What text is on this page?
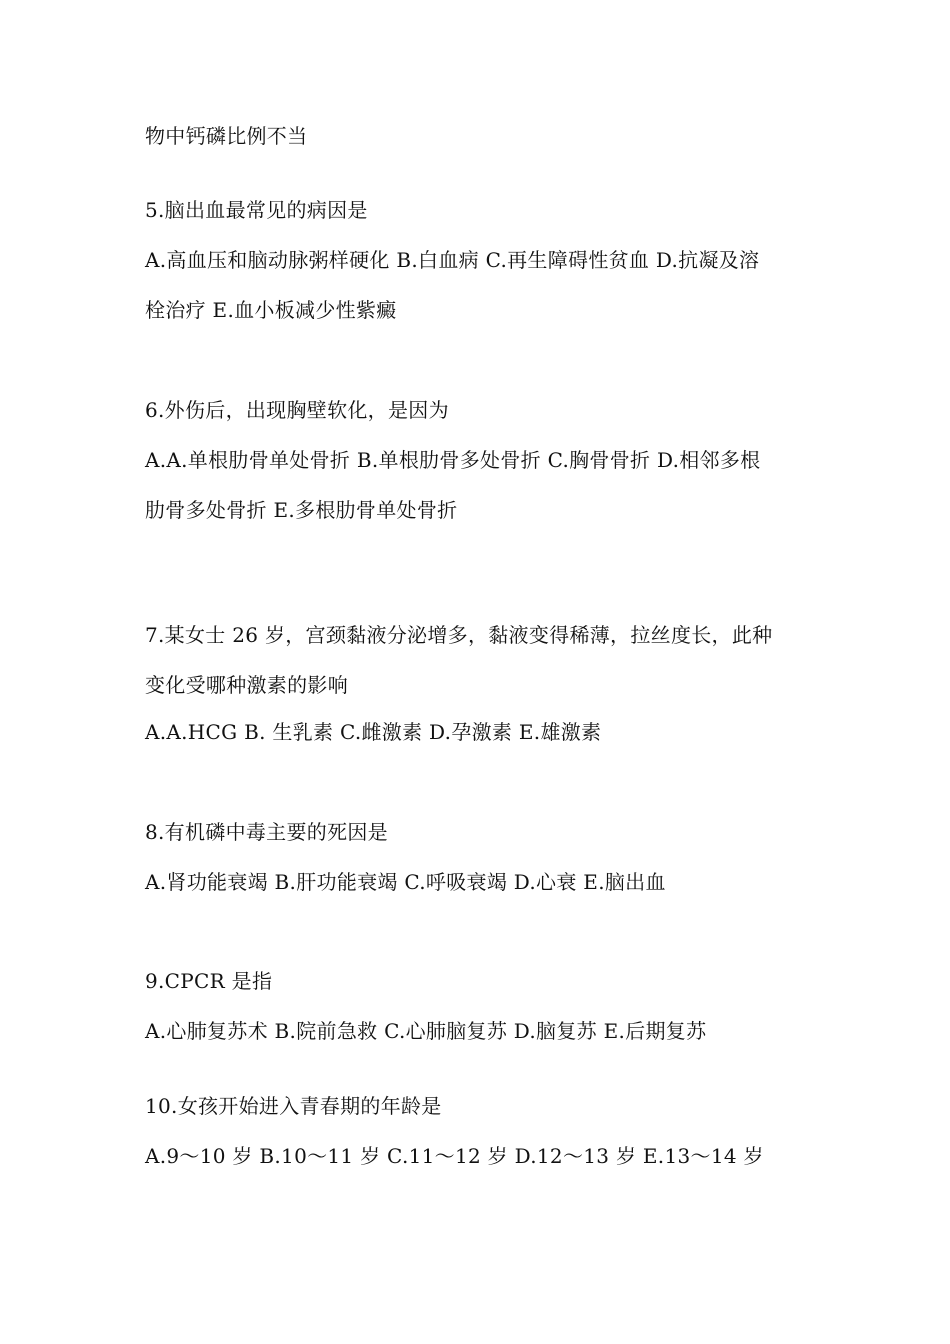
物中钙磷比例不当
5.脑出血最常见的病因是
A.高血压和脑动脉粥样硬化 B.白血病 C.再生障碍性贫血 D.抗凝及溶
栓治疗 E.血小板减少性紫癜
6.外伤后，出现胸壁软化，是因为
A.A.单根肋骨单处骨折 B.单根肋骨多处骨折 C.胸骨骨折 D.相邻多根
肋骨多处骨折 E.多根肋骨单处骨折
7.某女士 26 岁，宫颈黏液分泌增多，黏液变得稀薄，拉丝度长，此种
变化受哪种激素的影响
A.A.HCG B. 生乳素 C.雌激素 D.孕激素 E.雄激素
8.有机磷中毒主要的死因是
A.肾功能衰竭 B.肝功能衰竭 C.呼吸衰竭 D.心衰 E.脑出血
9.CPCR 是指
A.心肺复苏术 B.院前急救 C.心肺脑复苏 D.脑复苏 E.后期复苏
10.女孩开始进入青春期的年龄是
A.9～10 岁 B.10～11 岁 C.11～12 岁 D.12～13 岁 E.13～14 岁
